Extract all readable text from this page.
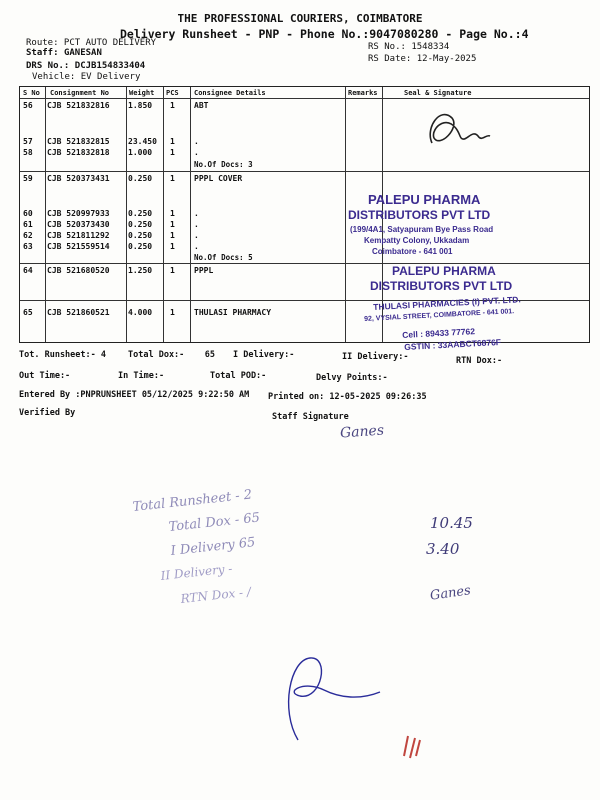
THE PROFESSIONAL COURIERS, COIMBATORE
Delivery Runsheet - PNP - Phone No.:9047080280 - Page No.:4
Route: PCT AUTO DELIVERY
Staff: GANESAN
DRS No.: DCJB154833404
Vehicle: EV Delivery
RS No.: 1548334
RS Date: 12-May-2025
S No Consignment No	Weight PCS Consignee Details	Remarks	Seal & Signature
56 CJB 521832816 1.850 1 ABT
57 CJB 521832815 23.450 1 .
58 CJB 521832818 1.000 1 .
No.Of Docs: 3
59 CJB 520373431 0.250 1 PPPL COVER
60 CJB 520997933 0.250 1 .
61 CJB 520373430 0.250 1 .
62 CJB 521811292 0.250 1 .
63 CJB 521559514 0.250 1 .
No.Of Docs: 5
64 CJB 521680520 1.250 1 PPPL
65 CJB 521860521 4.000 1 THULASI PHARMACY
PALEPU PHARMA
DISTRIBUTORS PVT LTD
(199/4A1, Satyapuram Bye Pass Road
Kempatty Colony, Ukkadam
Coimbatore - 641 001
PALEPU PHARMA
DISTRIBUTORS PVT LTD
THULASI PHARMACIES (I) PVT. LTD.
92, VYSIAL STREET, COIMBATORE - 641 001.
Cell : 89433 77762
GSTIN : 33AABCT6876F
Tot. Runsheet:- 4	Total Dox:- 65 I Delivery:-	II Delivery:-	RTN Dox:-
Out Time:-	In Time:-	Total POD:-	Delvy Points:-
Entered By :PNPRUNSHEET 05/12/2025 9:22:50 AM Printed on: 12-05-2025 09:26:35
Verified By	Staff Signature
Ganes
Total Runsheet - 2
Total Dox - 65
I Delivery 65
II Delivery -
RTN Dox - /
10.45
3.40
Ganes
